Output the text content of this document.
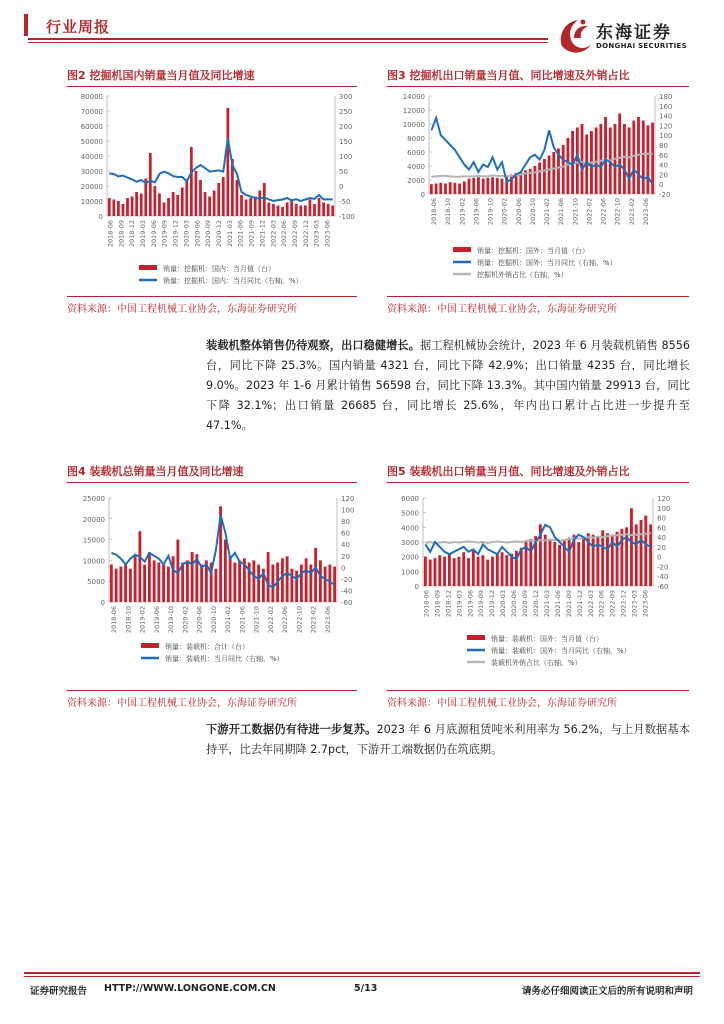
行业周报	东海证券
DONGHAI SECURITIES
图2 挖掘机国内销量当月值及同比增速
80000
70000
60000
50000
40000
30000
20000
10000
0
300
250
200
150
100
50
0
-50
-100
2018-06 2018-09 2018-12 2019-03 2019-06 2019-09 2019-12 2020-03 2020-06 2020-09 2020-12 2021-03 2021-06 2021-09 2021-12 2022-03 2022-06 2022-09 2022-12 2023-03 2023-06
销量：挖掘机：国内：当月值（台）
销量：挖掘机：国内：当月同比（右轴，%）
资料来源：中国工程机械工业协会，东海证券研究所
图3 挖掘机出口销量当月值、同比增速及外销占比
14000
12000
10000
8000
6000
4000
2000
0
180
160
140
120
100
80
60
40
20
0
-20
2018-06 2018-10 2019-02 2019-06 2019-10 2020-02 2020-06 2020-10 2021-02 2021-06 2021-10 2022-02 2022-06 2022-10 2023-02 2023-06
销量：挖掘机：国外：当月值（台）
销量：挖掘机：国外：当月同比（右轴，%）
挖掘机外销占比（右轴，%）
资料来源：中国工程机械工业协会，东海证券研究所
装载机整体销售仍待观察，出口稳健增长。据工程机械协会统计，2023 年 6 月装载机销售 8556 台，同比下降 25.3%。国内销量 4321 台，同比下降 42.9%；出口销量 4235 台，同比增长 9.0%。2023 年 1-6 月累计销售 56598 台，同比下降 13.3%。其中国内销量 29913 台，同比下降 32.1%；出口销量 26685 台，同比增长 25.6%，年内出口累计占比进一步提升至 47.1%。
图4 装载机总销量当月值及同比增速
25000
20000
15000
10000
5000
0
120
100
80
60
40
20
0
-20
-40
-60
2018-06 2018-10 2019-02 2019-06 2019-10 2020-02 2020-06 2020-10 2021-02 2021-06 2021-10 2022-02 2022-06 2022-10 2023-02 2023-06
销量：装载机：合计（台）
销量：装载机：当月同比（右轴，%）
资料来源：中国工程机械工业协会，东海证券研究所
图5 装载机出口销量当月值、同比增速及外销占比
6000
5000
4000
3000
2000
1000
0
120
100
80
60
40
20
0
-20
-40
-60
2018-06 2018-09 2018-12 2019-03 2019-06 2019-09 2019-12 2020-03 2020-06 2020-09 2020-12 2021-03 2021-06 2021-09 2021-12 2022-03 2022-06 2022-09 2022-12 2023-03 2023-06
销量：装载机：国外：当月值（台）
销量：装载机：国外：当月同比（右轴，%）
装载机外销占比（右轴，%）
资料来源：中国工程机械工业协会，东海证券研究所
下游开工数据仍有待进一步复苏。2023 年 6 月底源租赁吨米利用率为 56.2%，与上月数据基本持平，比去年同期降 2.7pct，下游开工端数据仍在筑底期。
证券研究报告 HTTP://WWW.LONGONE.COM.CN	5/13	请务必仔细阅读正文后的所有说明和声明
